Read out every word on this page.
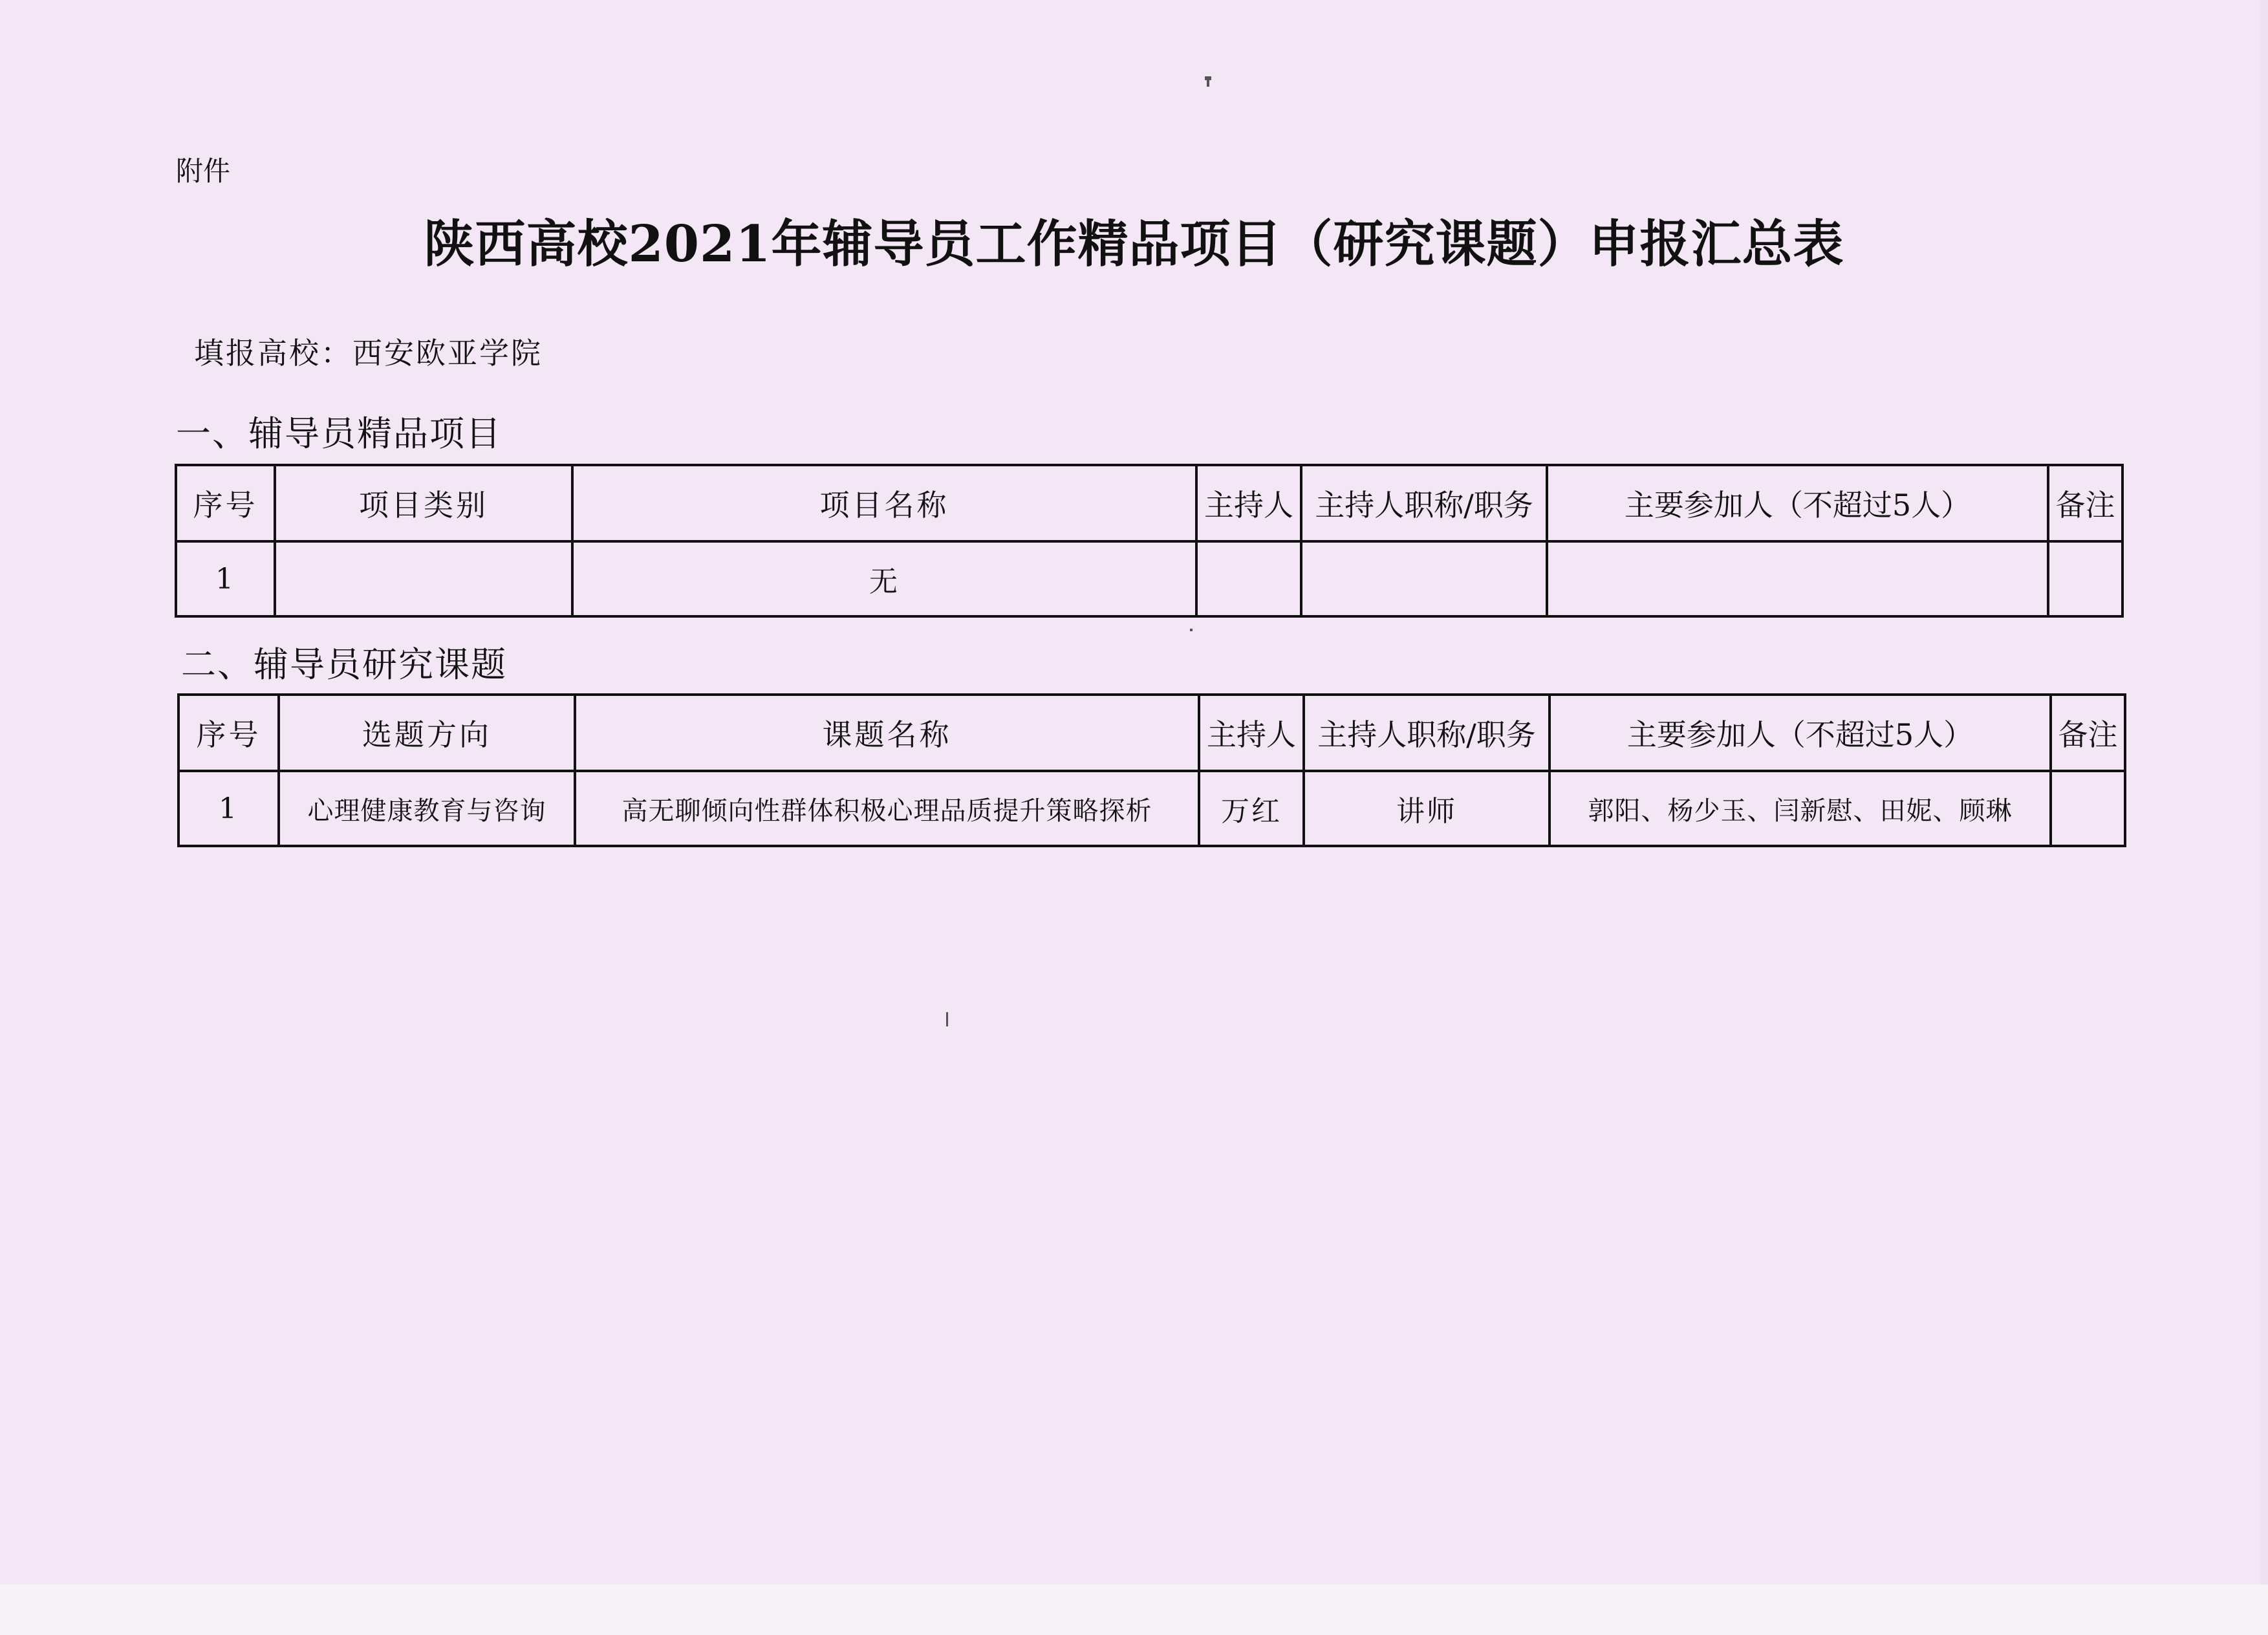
附件
陕西高校2021年辅导员工作精品项目（研究课题）申报汇总表
填报高校：西安欧亚学院
一、辅导员精品项目
序号	项目类别	项目名称	主持人	主持人职称/职务	主要参加人（不超过5人）	备注
1		无				
二、辅导员研究课题
序号	选题方向	课题名称	主持人	主持人职称/职务	主要参加人（不超过5人）	备注
1	心理健康教育与咨询	高无聊倾向性群体积极心理品质提升策略探析	万红	讲师	郭阳、杨少玉、闫新慰、田妮、顾琳	
